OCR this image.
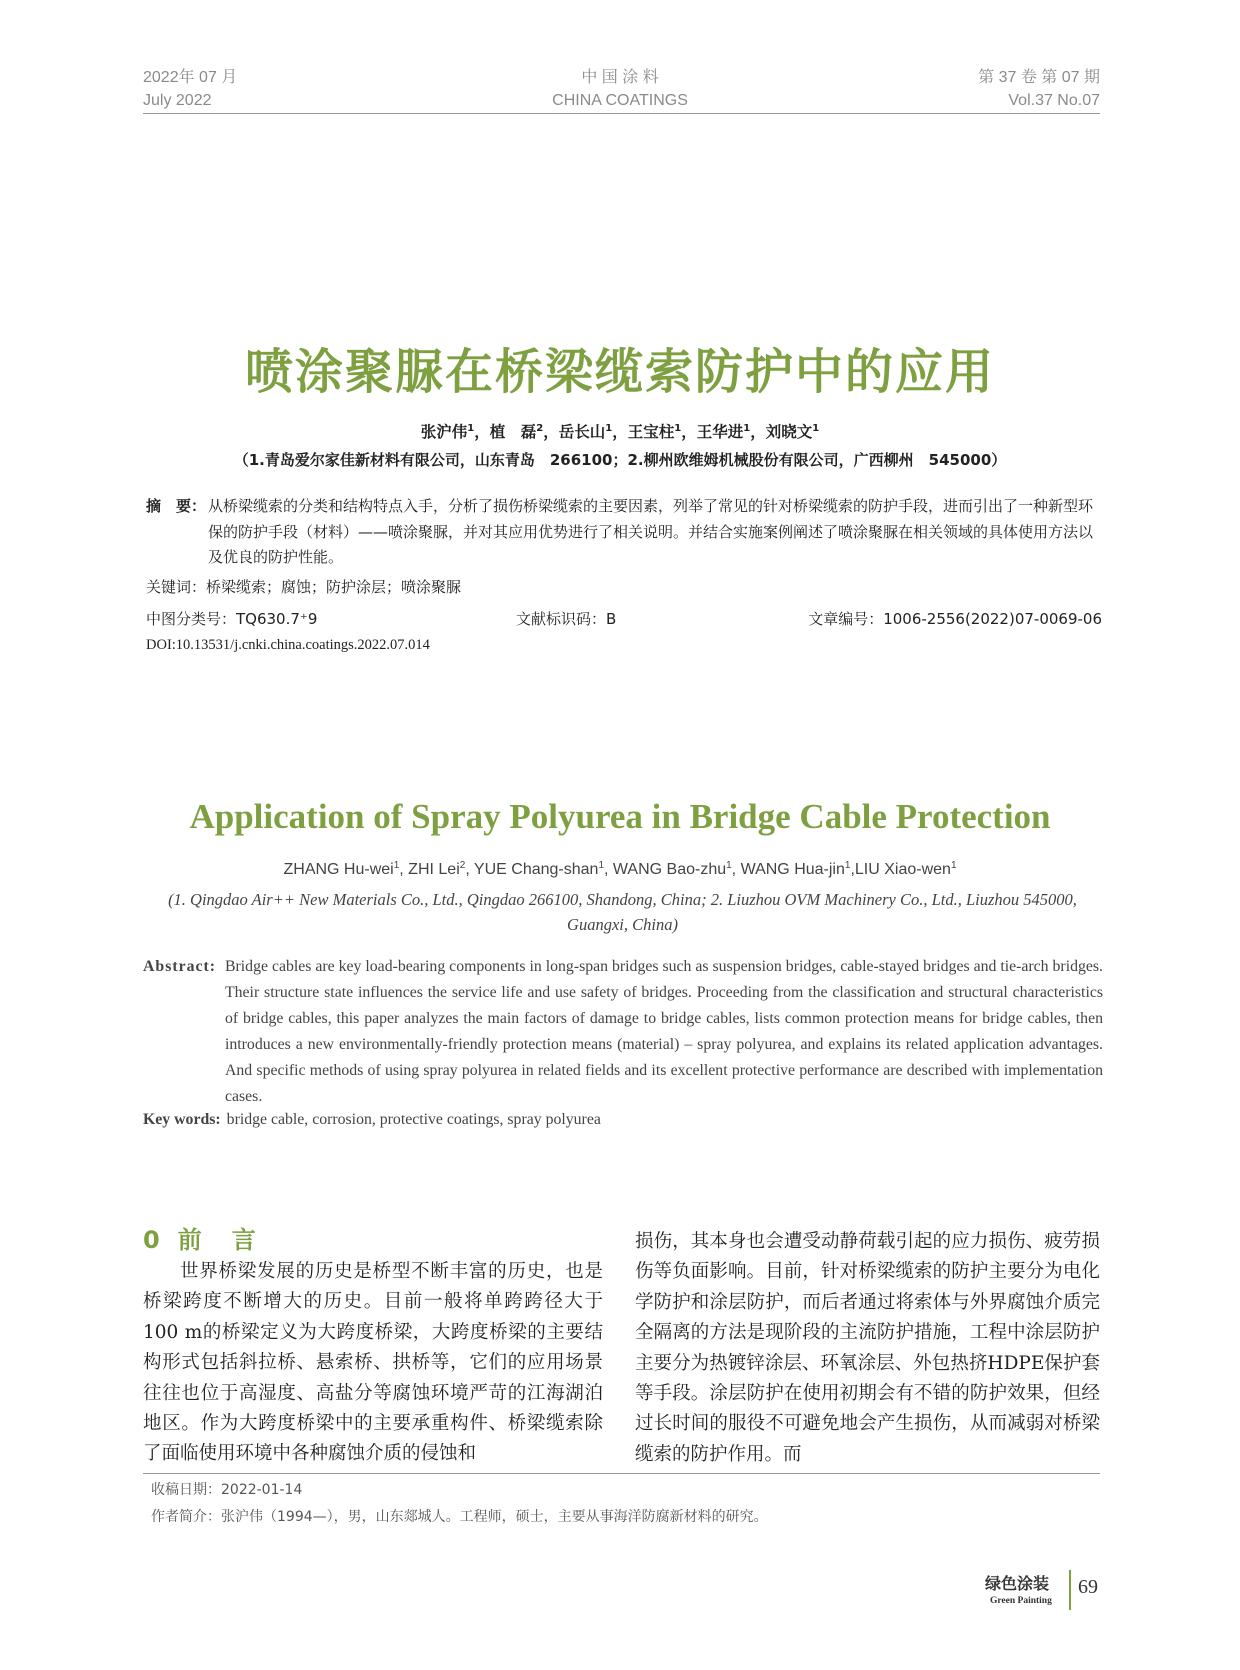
2022年 07 月
July 2022
中 国 涂 料
CHINA COATINGS
第 37 卷 第 07 期
Vol.37 No.07
喷涂聚脲在桥梁缆索防护中的应用
张沪伟$^1$，植　磊$^2$，岳长山$^1$，王宝柱$^1$，王华进$^1$，刘晓文$^1$
（1.青岛爱尔家佳新材料有限公司，山东青岛　266100；2.柳州欧维姆机械股份有限公司，广西柳州　545000）
摘　要： 从桥梁缆索的分类和结构特点入手，分析了损伤桥梁缆索的主要因素，列举了常见的针对桥梁缆索的防护手段，进而引出了一种新型环保的防护手段（材料）——喷涂聚脲，并对其应用优势进行了相关说明。并结合实施案例阐述了喷涂聚脲在相关领域的具体使用方法以及优良的防护性能。
关键词：桥梁缆索；腐蚀；防护涂层；喷涂聚脲
中图分类号：TQ630.7⁺9	文献标识码：B	文章编号：1006-2556(2022)07-0069-06
DOI:10.13531/j.cnki.china.coatings.2022.07.014
Application of Spray Polyurea in Bridge Cable Protection
ZHANG Hu-wei$^1$, ZHI Lei$^2$, YUE Chang-shan$^1$, WANG Bao-zhu$^1$, WANG Hua-jin$^1$,LIU Xiao-wen$^1$
(1. Qingdao Air++ New Materials Co., Ltd., Qingdao 266100, Shandong, China; 2. Liuzhou OVM Machinery Co., Ltd., Liuzhou 545000, Guangxi, China)
Abstract: Bridge cables are key load-bearing components in long-span bridges such as suspension bridges, cable-stayed bridges and tie-arch bridges. Their structure state influences the service life and use safety of bridges. Proceeding from the classification and structural characteristics of bridge cables, this paper analyzes the main factors of damage to bridge cables, lists common protection means for bridge cables, then introduces a new environmentally-friendly protection means (material) – spray polyurea, and explains its related application advantages. And specific methods of using spray polyurea in related fields and its excellent protective performance are described with implementation cases.
Key words: bridge cable, corrosion, protective coatings, spray polyurea
0 前 言
世界桥梁发展的历史是桥型不断丰富的历史，也是桥梁跨度不断增大的历史。目前一般将单跨跨径大于100 m的桥梁定义为大跨度桥梁，大跨度桥梁的主要结构形式包括斜拉桥、悬索桥、拱桥等，它们的应用场景往往也位于高湿度、高盐分等腐蚀环境严苛的江海湖泊地区。作为大跨度桥梁中的主要承重构件、桥梁缆索除了面临使用环境中各种腐蚀介质的侵蚀和
损伤，其本身也会遭受动静荷载引起的应力损伤、疲劳损伤等负面影响。目前，针对桥梁缆索的防护主要分为电化学防护和涂层防护，而后者通过将索体与外界腐蚀介质完全隔离的方法是现阶段的主流防护措施，工程中涂层防护主要分为热镀锌涂层、环氧涂层、外包热挤HDPE保护套等手段。涂层防护在使用初期会有不错的防护效果，但经过长时间的服役不可避免地会产生损伤，从而减弱对桥梁缆索的防护作用。而
收稿日期：2022-01-14
作者简介：张沪伟（1994—），男，山东郯城人。工程师，硕士，主要从事海洋防腐新材料的研究。
绿色涂装
Green Painting
69
